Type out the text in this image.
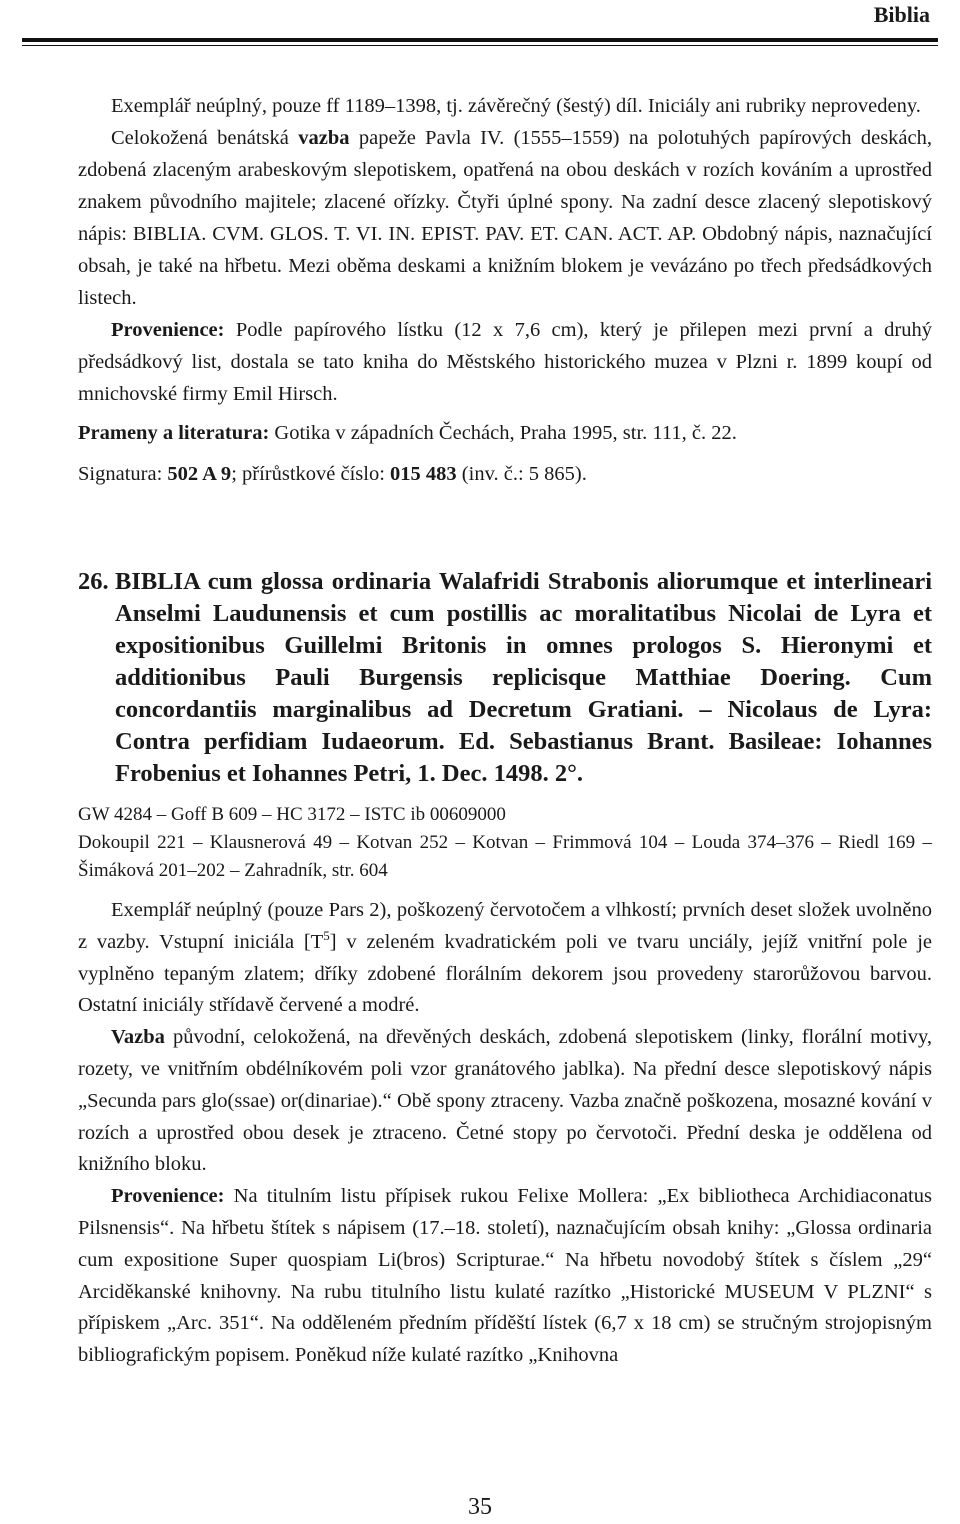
Biblia

Exemplář neúplný, pouze ff 1189–1398, tj. závěrečný (šestý) díl. Iniciály ani rubriky neprovedeny.

Celokožená benátská vazba papeže Pavla IV. (1555–1559) na polotuhých papírových deskách, zdobená zlaceným arabeskovým slepotiskem, opatřená na obou deskách v rozích kováním a uprostřed znakem původního majitele; zlacené ořízky. Čtyři úplné spony. Na zadní desce zlacený slepotiskový nápis: BIBLIA. CVM. GLOS. T. VI. IN. EPIST. PAV. ET. CAN. ACT. AP. Obdobný nápis, naznačující obsah, je také na hřbetu. Mezi oběma deskami a knižním blokem je vevázáno po třech předsádkových listech.

Provenience: Podle papírového lístku (12 x 7,6 cm), který je přilepen mezi první a druhý předsádkový list, dostala se tato kniha do Městského historického muzea v Plzni r. 1899 koupí od mnichovské firmy Emil Hirsch.

Prameny a literatura: Gotika v západních Čechách, Praha 1995, str. 111, č. 22.

Signatura: 502 A 9; přírůstkové číslo: 015 483 (inv. č.: 5 865).

26. BIBLIA cum glossa ordinaria Walafridi Strabonis aliorumque et interlineari Anselmi Laudunensis et cum postillis ac moralitatibus Nicolai de Lyra et expositionibus Guillelmi Britonis in omnes prologos S. Hieronymi et additionibus Pauli Burgensis replicisque Matthiae Doering. Cum concordantiis marginalibus ad Decretum Gratiani. – Nicolaus de Lyra: Contra perfidiam Iudaeorum. Ed. Sebastianus Brant. Basileae: Iohannes Frobenius et Iohannes Petri, 1. Dec. 1498. 2°.

GW 4284 – Goff B 609 – HC 3172 – ISTC ib 00609000

Dokoupil 221 – Klausnerová 49 – Kotvan 252 – Kotvan – Frimmová 104 – Louda 374–376 – Riedl 169 – Šimáková 201–202 – Zahradník, str. 604

Exemplář neúplný (pouze Pars 2), poškozený červotočem a vlhkostí; prvních deset složek uvolněno z vazby. Vstupní iniciála $[T^5]$ v zeleném kvadratickém poli ve tvaru unciály, jejíž vnitřní pole je vyplněno tepaným zlatem; dříky zdobené florálním dekorem jsou provedeny starorůžovou barvou. Ostatní iniciály střídavě červené a modré.

Vazba původní, celokožená, na dřevěných deskách, zdobená slepotiskem (linky, florální motivy, rozety, ve vnitřním obdélníkovém poli vzor granátového jablka). Na přední desce slepotiskový nápis „Secunda pars glo(ssae) or(dinariae).“ Obě spony ztraceny. Vazba značně poškozena, mosazné kování v rozích a uprostřed obou desek je ztraceno. Četné stopy po červotoči. Přední deska je oddělena od knižního bloku.

Provenience: Na titulním listu přípisek rukou Felixe Mollera: „Ex bibliotheca Archidiaconatus Pilsnensis“. Na hřbetu štítek s nápisem (17.–18. století), naznačujícím obsah knihy: „Glossa ordinaria cum expositione Super quospiam Li(bros) Scripturae.“ Na hřbetu novodobý štítek s číslem „29“ Arciděkanské knihovny. Na rubu titulního listu kulaté razítko „Historické MUSEUM V PLZNI“ s přípiskem „Arc. 351“. Na odděleném předním příděští lístek (6,7 x 18 cm) se stručným strojopisným bibliografickým popisem. Poněkud níže kulaté razítko „Knihovna

35
